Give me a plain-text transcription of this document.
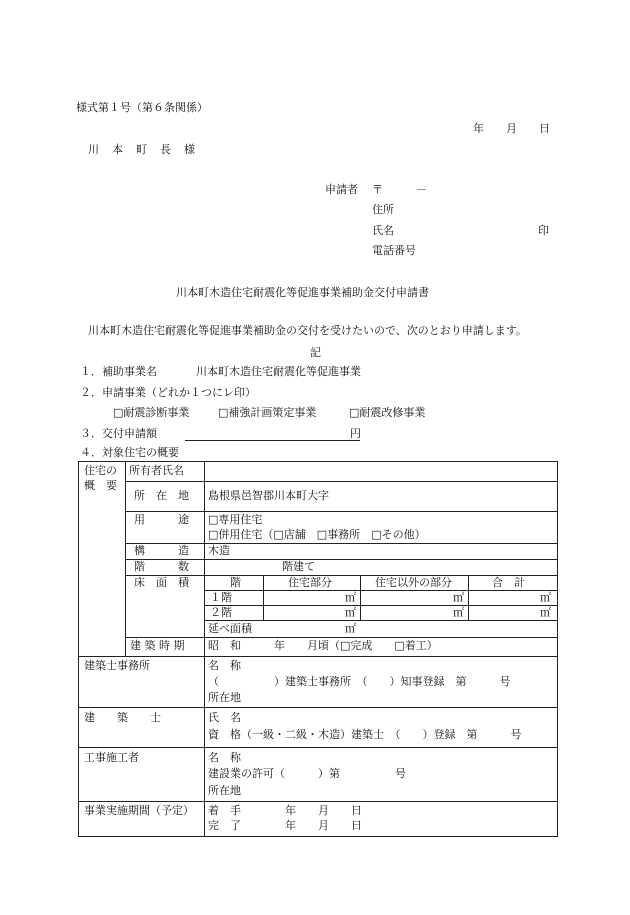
様式第１号（第６条関係）
年　　月　　日
川　本　町　長　様
申請者 〒　　　－
住所
氏名	印
電話番号
川本町木造住宅耐震化等促進事業補助金交付申請書
川本町木造住宅耐震化等促進事業補助金の交付を受けたいので、次のとおり申請します。
記
１．補助事業名	川本町木造住宅耐震化等促進事業
２．申請事業（どれか１つにレ印）
□耐震診断事業	□補強計画策定事業	□耐震改修事業
３．交付申請額	円
４．対象住宅の概要
住宅の
概　要
所有者氏名
所　在　地 島根県邑智郡川本町大字
用　　　途 □専用住宅
□併用住宅（□店舗　□事務所　□その他）
構　　　造 木造
階　　　数	階建て
床　面　積	階	住宅部分	住宅以外の部分	合　計
１階	㎡	㎡	㎡
２階	㎡	㎡	㎡
延べ面積	㎡
建 築 時 期 昭　和　　　年　　月頃（□完成　　□着工）
建築士事務所	名　称
（　　　　　）建築士事務所　（　　）知事登録　第　　　号
所在地
建　　築　　士	氏　名
資　格（一級・二級・木造）建築士　（　　）登録　第　　　号
工事施工者	名　称
建設業の許可（　　　）第　　　　　号
所在地
事業実施期間（予定） 着　手　　　　年　　月　　日
完　了　　　　年　　月　　日
